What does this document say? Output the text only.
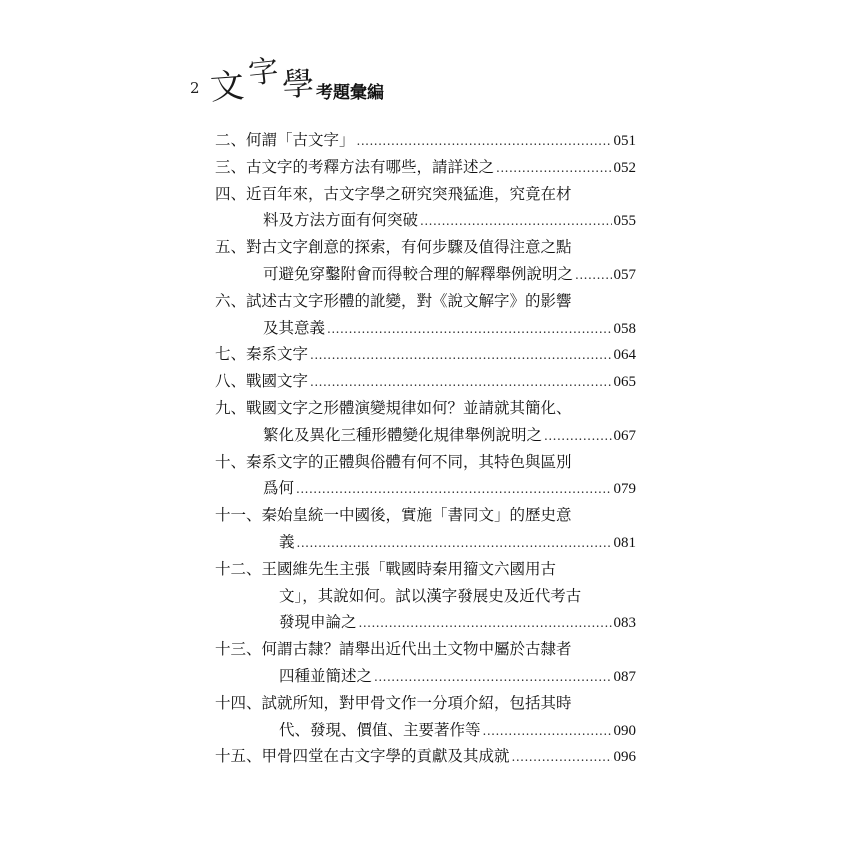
2 文 字 學 考題彙編
二、 何謂「古文字」 .....	051
三、 古文字的考釋方法有哪些，請詳述之 .....	052
四、 近百年來，古文字學之研究突飛猛進，究竟在材
料及方法方面有何突破 .....	055
五、 對古文字創意的探索，有何步驟及值得注意之點
可避免穿鑿附會而得較合理的解釋舉例說明之 .....	057
六、 試述古文字形體的訛變，對《說文解字》的影響
及其意義 .....	058
七、 秦系文字 .....	064
八、 戰國文字 .....	065
九、 戰國文字之形體演變規律如何？並請就其簡化、
繁化及異化三種形體變化規律舉例說明之 .....	067
十、 秦系文字的正體與俗體有何不同，其特色與區別
爲何 .....	079
十一、 秦始皇統一中國後，實施「書同文」的歷史意
義 .....	081
十二、 王國維先生主張「戰國時秦用籀文六國用古
文」，其說如何。試以漢字發展史及近代考古
發現申論之 .....	083
十三、 何謂古隸？請舉出近代出土文物中屬於古隸者
四種並簡述之 .....	087
十四、 試就所知，對甲骨文作一分項介紹，包括其時
代、發現、價值、主要著作等 .....	090
十五、 甲骨四堂在古文字學的貢獻及其成就 .....	096
